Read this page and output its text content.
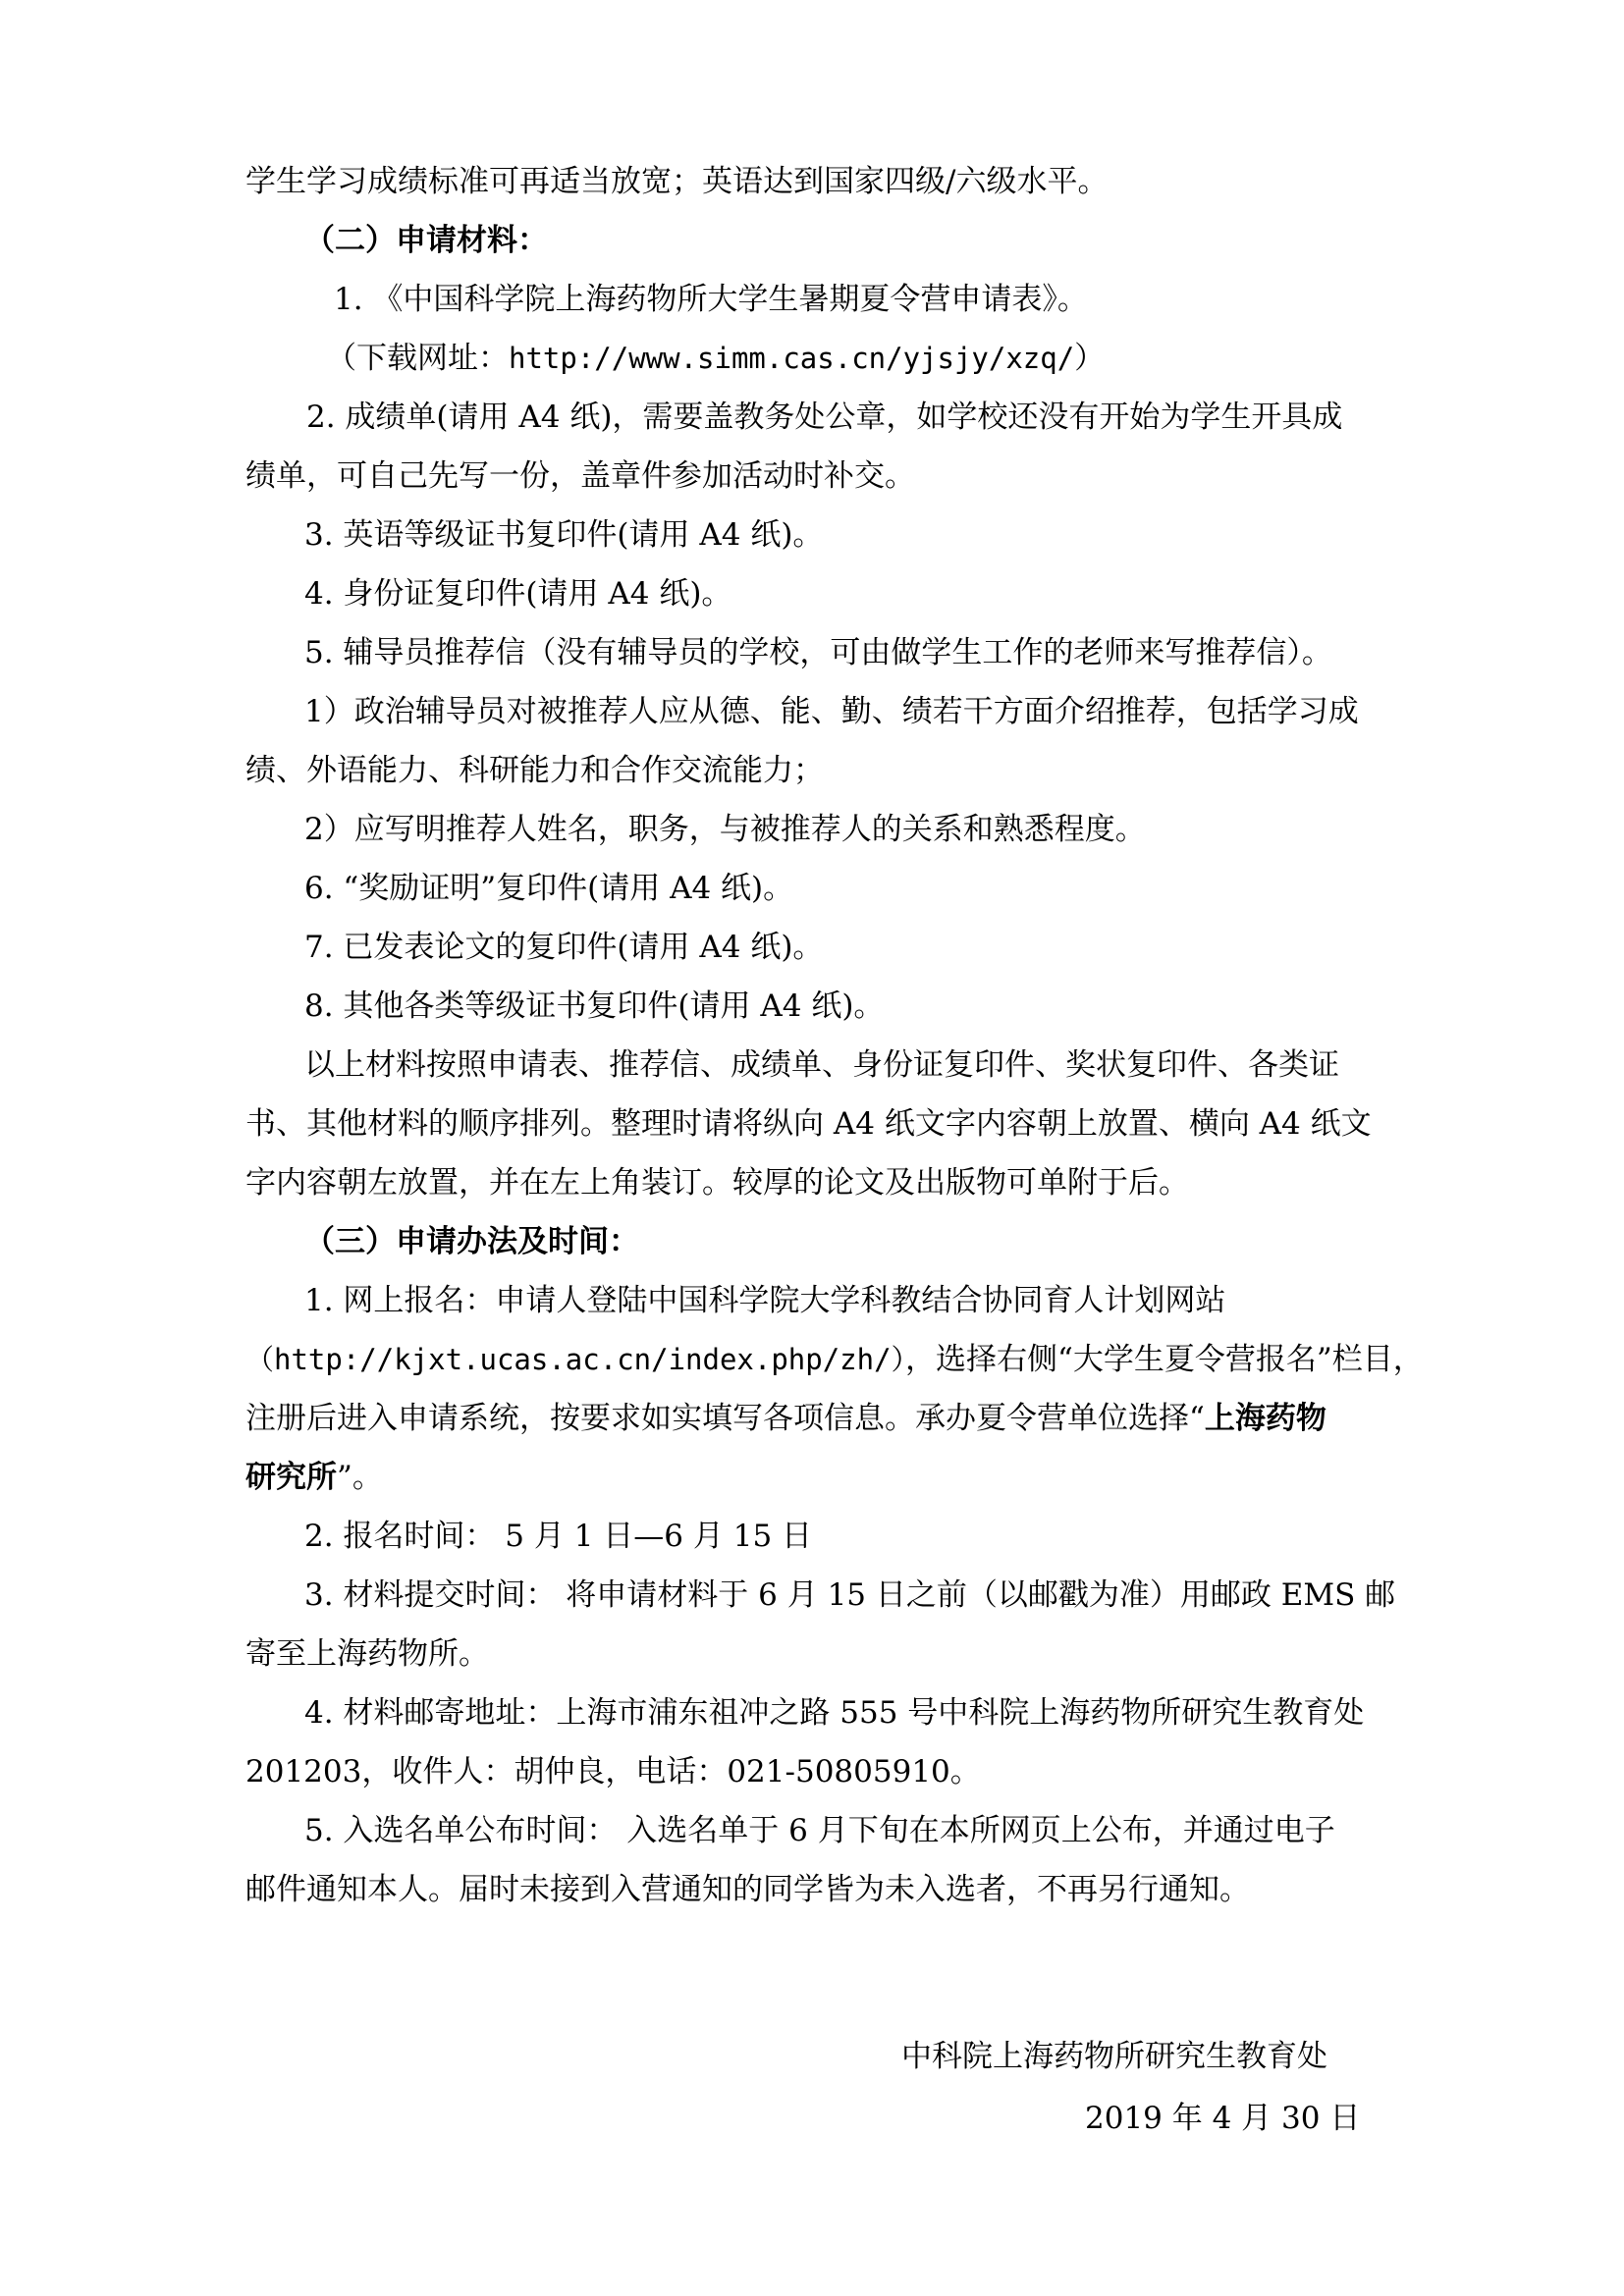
学生学习成绩标准可再适当放宽；英语达到国家四级/六级水平。
（二）申请材料：
1. 《中国科学院上海药物所大学生暑期夏令营申请表》。
（下载网址：http://www.simm.cas.cn/yjsjy/xzq/）
2. 成绩单(请用 A4 纸)，需要盖教务处公章，如学校还没有开始为学生开具成
绩单，可自己先写一份，盖章件参加活动时补交。
3. 英语等级证书复印件(请用 A4 纸)。
4. 身份证复印件(请用 A4 纸)。
5. 辅导员推荐信（没有辅导员的学校，可由做学生工作的老师来写推荐信）。
1）政治辅导员对被推荐人应从德、能、勤、绩若干方面介绍推荐，包括学习成
绩、外语能力、科研能力和合作交流能力；
2）应写明推荐人姓名，职务，与被推荐人的关系和熟悉程度。
6. “奖励证明”复印件(请用 A4 纸)。
7. 已发表论文的复印件(请用 A4 纸)。
8. 其他各类等级证书复印件(请用 A4 纸)。
以上材料按照申请表、推荐信、成绩单、身份证复印件、奖状复印件、各类证
书、其他材料的顺序排列。整理时请将纵向 A4 纸文字内容朝上放置、横向 A4 纸文
字内容朝左放置，并在左上角装订。较厚的论文及出版物可单附于后。
（三）申请办法及时间：
1. 网上报名：申请人登陆中国科学院大学科教结合协同育人计划网站
（http://kjxt.ucas.ac.cn/index.php/zh/），选择右侧“大学生夏令营报名”栏目，
注册后进入申请系统，按要求如实填写各项信息。承办夏令营单位选择“上海药物
研究所”。
2. 报名时间： 5 月 1 日—6 月 15 日
3. 材料提交时间： 将申请材料于 6 月 15 日之前（以邮戳为准）用邮政 EMS 邮
寄至上海药物所。
4. 材料邮寄地址：上海市浦东祖冲之路 555 号中科院上海药物所研究生教育处
201203，收件人：胡仲良，电话：021-50805910。
5. 入选名单公布时间： 入选名单于 6 月下旬在本所网页上公布，并通过电子
邮件通知本人。届时未接到入营通知的同学皆为未入选者，不再另行通知。
中科院上海药物所研究生教育处
2019 年 4 月 30 日
